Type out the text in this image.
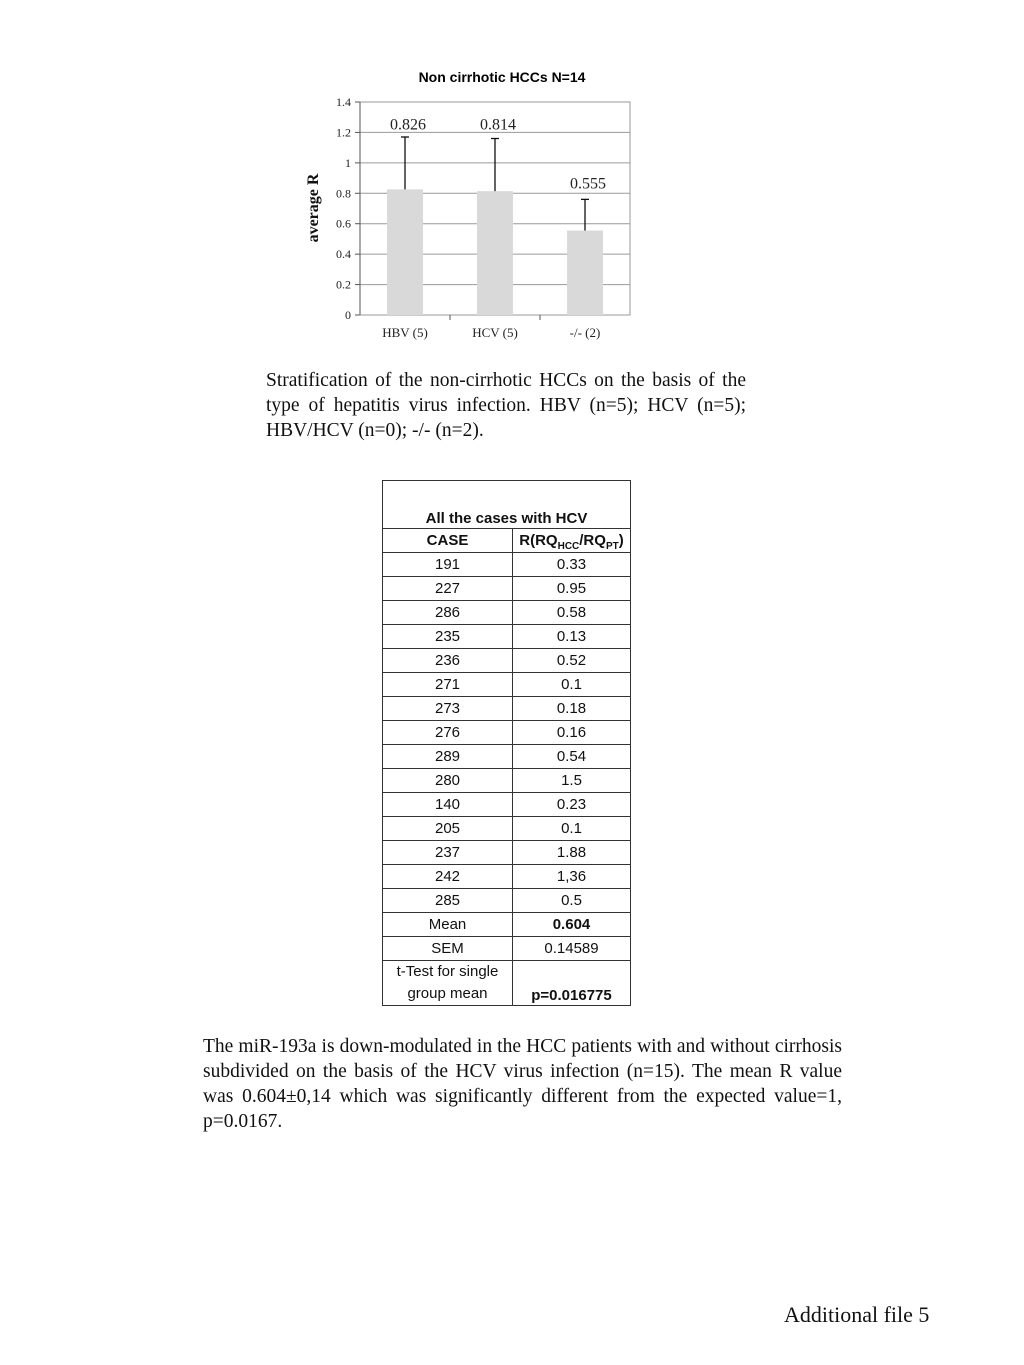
Non cirrhotic HCCs N=14
average R
0
0.2
0.4
0.6
0.8
1
1.2
1.4
0.826	0.814
0.555
HBV (5)	HCV (5)	-/- (2)

Stratification of the non-cirrhotic HCCs on the basis of the type of hepatitis virus infection. HBV (n=5); HCV (n=5); HBV/HCV (n=0); -/- (n=2).

All the cases with HCV	
CASE	$R(RQ_{HCC}/RQ_{PT})$
191	0.33
227	0.95
286	0.58
235	0.13
236	0.52
271	0.1
273	0.18
276	0.16
289	0.54
280	1.5
140	0.23
205	0.1
237	1.88
242	1,36
285	0.5
Mean	0.604
SEM	0.14589
t-Test for single
group mean	p=0.016775

The miR-193a is down-modulated in the HCC patients with and without cirrhosis subdivided on the basis of the HCV virus infection (n=15). The mean R value was 0.604±0,14 which was significantly different from the expected value=1, p=0.0167.

Additional file 5
